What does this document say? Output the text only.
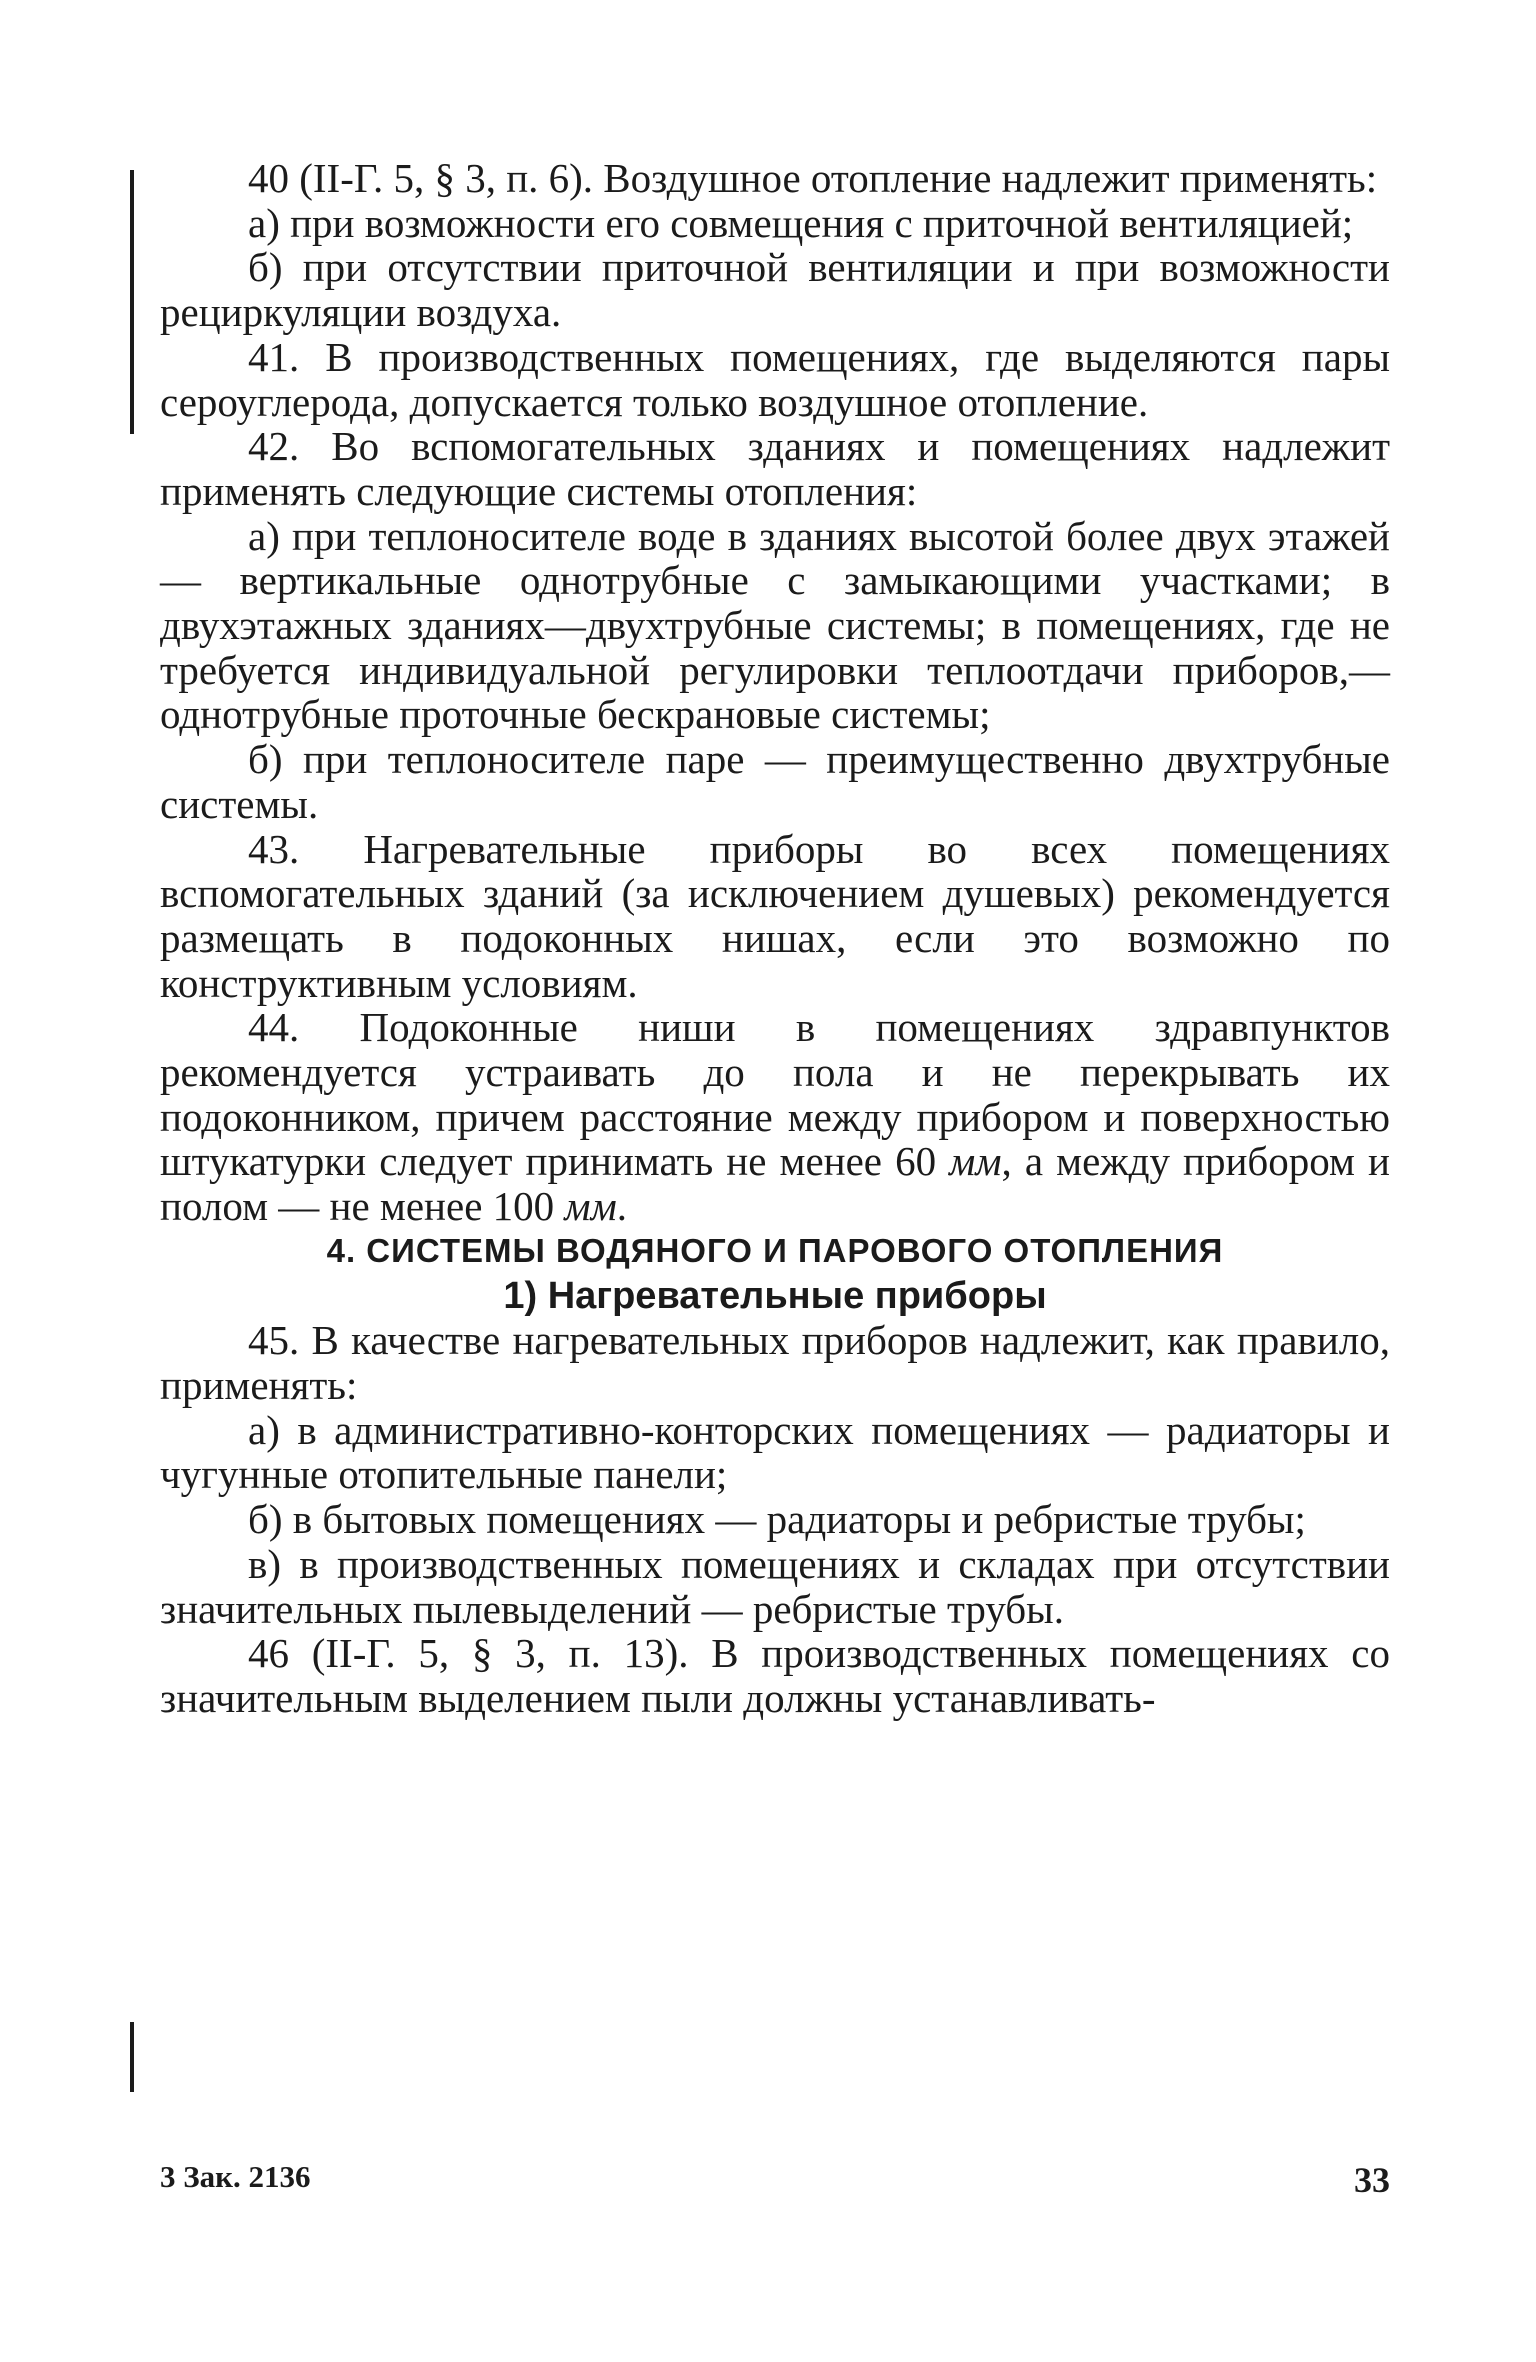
40 (II-Г. 5, § 3, п. 6). Воздушное отопление надлежит применять:

а) при возможности его совмещения с приточной вентиляцией;

б) при отсутствии приточной вентиляции и при возможности рециркуляции воздуха.

41. В производственных помещениях, где выделяются пары сероуглерода, допускается только воздушное отопление.

42. Во вспомогательных зданиях и помещениях надлежит применять следующие системы отопления:

а) при теплоносителе воде в зданиях высотой более двух этажей — вертикальные однотрубные с замыкающими участками; в двухэтажных зданиях—двухтрубные системы; в помещениях, где не требуется индивидуальной регулировки теплоотдачи приборов,— однотрубные проточные бескрановые системы;

б) при теплоносителе паре — преимущественно двухтрубные системы.

43. Нагревательные приборы во всех помещениях вспомогательных зданий (за исключением душевых) рекомендуется размещать в подоконных нишах, если это возможно по конструктивным условиям.

44. Подоконные ниши в помещениях здравпунктов рекомендуется устраивать до пола и не перекрывать их подоконником, причем расстояние между прибором и поверхностью штукатурки следует принимать не менее 60 мм, а между прибором и полом — не менее 100 мм.

4. СИСТЕМЫ ВОДЯНОГО И ПАРОВОГО ОТОПЛЕНИЯ

1) Нагревательные приборы

45. В качестве нагревательных приборов надлежит, как правило, применять:

а) в административно-конторских помещениях — радиаторы и чугунные отопительные панели;

б) в бытовых помещениях — радиаторы и ребристые трубы;

в) в производственных помещениях и складах при отсутствии значительных пылевыделений — ребристые трубы.

46 (II-Г. 5, § 3, п. 13). В производственных помещениях со значительным выделением пыли должны устанавливать-

3 Зак. 2136	33
